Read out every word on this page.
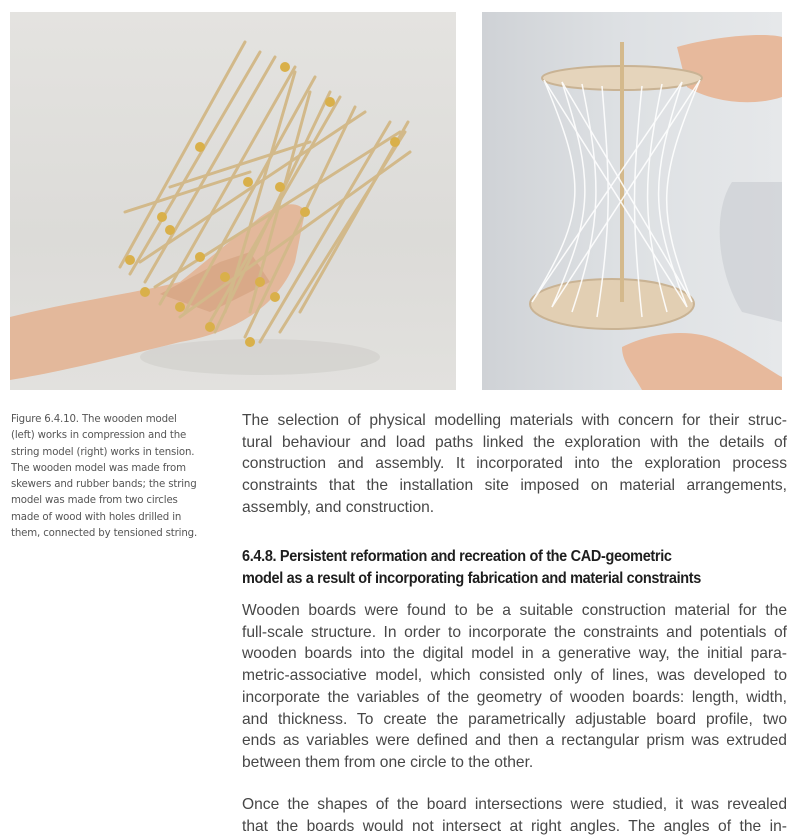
Figure 6.4.10. The wooden model
(left) works in compression and the
string model (right) works in tension.
The wooden model was made from
skewers and rubber bands; the string
model was made from two circles
made of wood with holes drilled in
them, connected by tensioned string.
The selection of physical modelling materials with concern for their struc-
tural behaviour and load paths linked the exploration with the details of
construction and assembly. It incorporated into the exploration process
constraints that the installation site imposed on material arrangements,
assembly, and construction.
6.4.8. Persistent reformation and recreation of the CAD-geometric
model as a result of incorporating fabrication and material constraints
Wooden boards were found to be a suitable construction material for the
full-scale structure. In order to incorporate the constraints and potentials of
wooden boards into the digital model in a generative way, the initial para-
metric-associative model, which consisted only of lines, was developed to
incorporate the variables of the geometry of wooden boards: length, width,
and thickness. To create the parametrically adjustable board profile, two
ends as variables were defined and then a rectangular prism was extruded
between them from one circle to the other.
Once the shapes of the board intersections were studied, it was revealed
that the boards would not intersect at right angles. The angles of the in-
